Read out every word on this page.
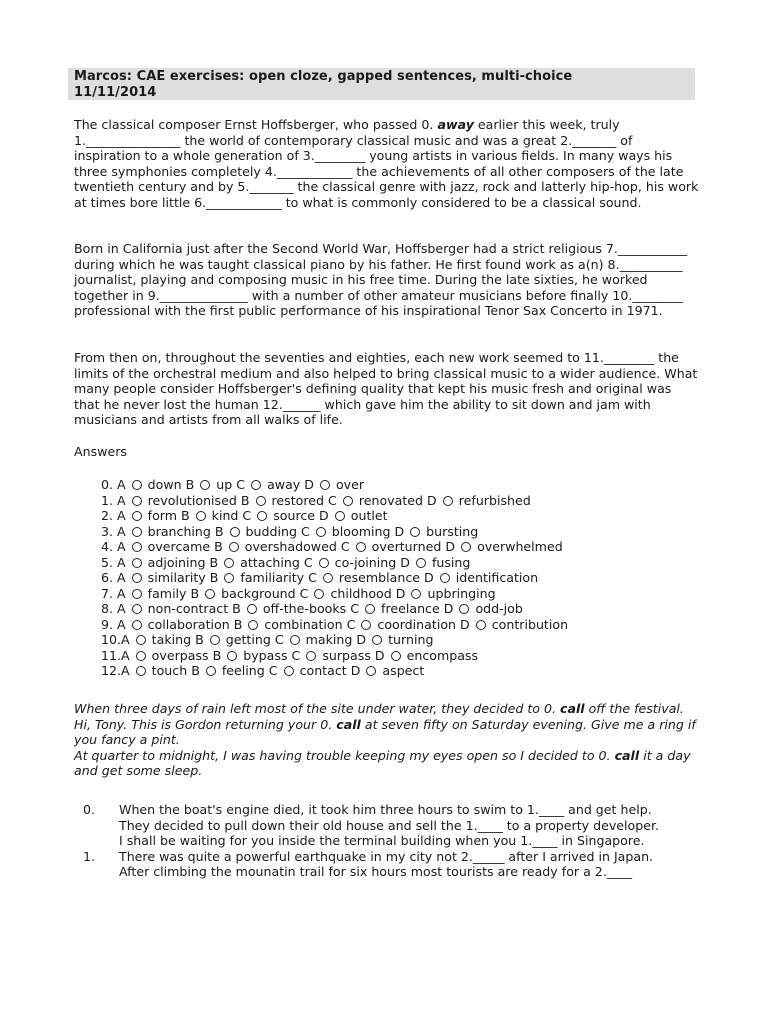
Marcos: CAE exercises: open cloze, gapped sentences, multi-choice
11/11/2014

The classical composer Ernst Hoffsberger, who passed 0. away earlier this week, truly 1._______________ the world of contemporary classical music and was a great 2._______ of inspiration to a whole generation of 3.________ young artists in various fields. In many ways his three symphonies completely 4.____________ the achievements of all other composers of the late twentieth century and by 5._______ the classical genre with jazz, rock and latterly hip-hop, his work at times bore little 6.____________ to what is commonly considered to be a classical sound.

Born in California just after the Second World War, Hoffsberger had a strict religious 7.___________ during which he was taught classical piano by his father. He first found work as a(n) 8.__________ journalist, playing and composing music in his free time. During the late sixties, he worked together in 9.______________ with a number of other amateur musicians before finally 10.________ professional with the first public performance of his inspirational Tenor Sax Concerto in 1971.

From then on, throughout the seventies and eighties, each new work seemed to 11.________ the limits of the orchestral medium and also helped to bring classical music to a wider audience. What many people consider Hoffsberger's defining quality that kept his music fresh and original was that he never lost the human 12.______ which gave him the ability to sit down and jam with musicians and artists from all walks of life.

Answers
0. A  down B  up C  away D  over
1. A  revolutionised B  restored C  renovated D  refurbished
2. A  form B  kind C  source D  outlet
3. A  branching B  budding C  blooming D  bursting
4. A  overcame B  overshadowed C  overturned D  overwhelmed
5. A  adjoining B  attaching C  co-joining D  fusing
6. A  similarity B  familiarity C  resemblance D  identification
7. A  family B  background C  childhood D  upbringing
8. A  non-contract B  off-the-books C  freelance D  odd-job
9. A  collaboration B  combination C  coordination D  contribution
10.A  taking B  getting C  making D  turning
11.A  overpass B  bypass C  surpass D  encompass
12.A  touch B  feeling C  contact D  aspect
When three days of rain left most of the site under water, they decided to 0. call off the festival.
Hi, Tony. This is Gordon returning your 0. call at seven fifty on Saturday evening. Give me a ring if you fancy a pint.
At quarter to midnight, I was having trouble keeping my eyes open so I decided to 0. call it a day and get some sleep.
0. When the boat's engine died, it took him three hours to swim to 1.____ and get help.
They decided to pull down their old house and sell the 1.____ to a property developer.
I shall be waiting for you inside the terminal building when you 1.____ in Singapore.
1. There was quite a powerful earthquake in my city not 2._____ after I arrived in Japan.
After climbing the mounatin trail for six hours most tourists are ready for a 2.____
